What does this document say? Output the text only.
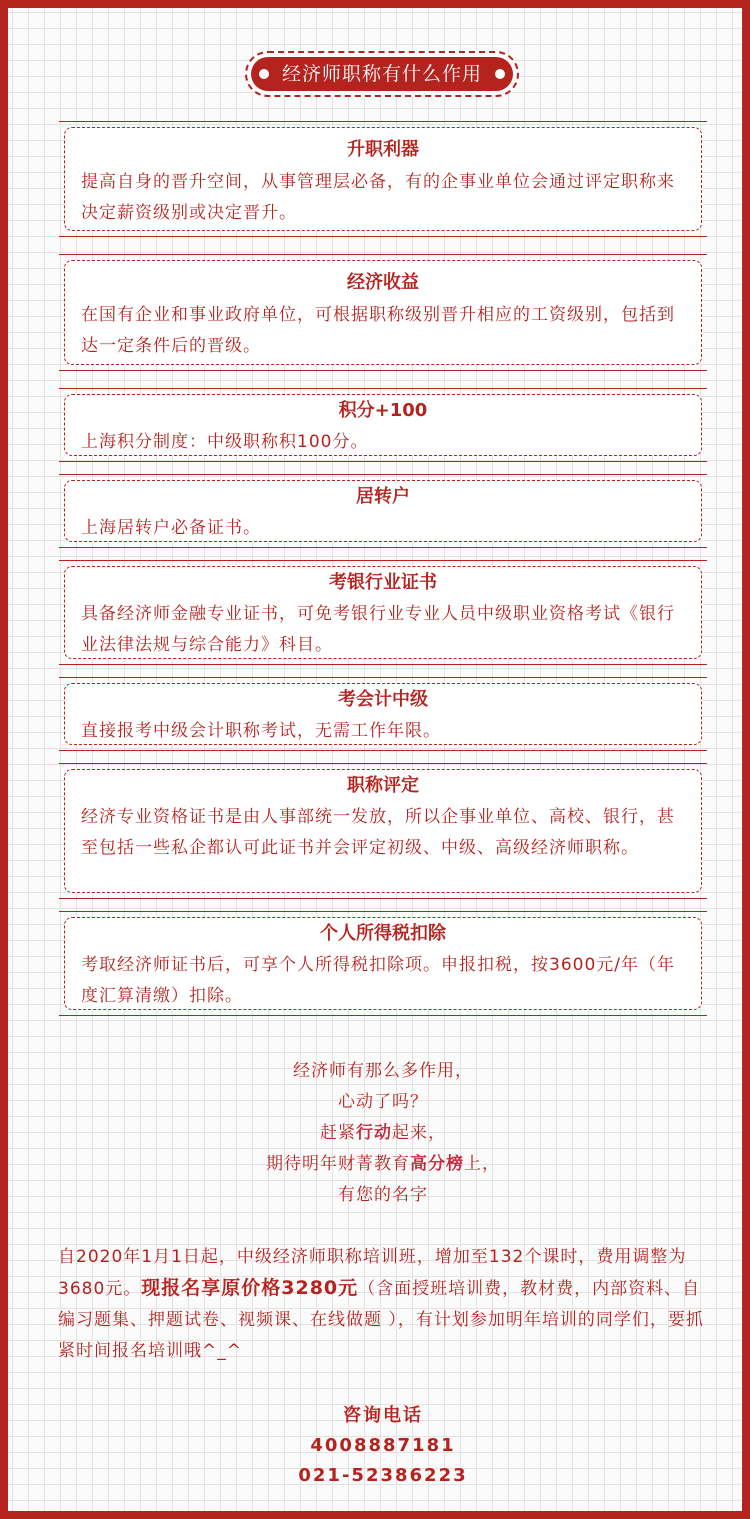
经济师职称有什么作用
升职利器
提高自身的晋升空间，从事管理层必备，有的企事业单位会通过评定职称来决定薪资级别或决定晋升。
经济收益
在国有企业和事业政府单位，可根据职称级别晋升相应的工资级别，包括到达一定条件后的晋级。
积分+100
上海积分制度：中级职称积100分。
居转户
上海居转户必备证书。
考银行业证书
具备经济师金融专业证书，可免考银行业专业人员中级职业资格考试《银行业法律法规与综合能力》科目。
考会计中级
直接报考中级会计职称考试，无需工作年限。
职称评定
经济专业资格证书是由人事部统一发放，所以企事业单位、高校、银行，甚至包括一些私企都认可此证书并会评定初级、中级、高级经济师职称。
个人所得税扣除
考取经济师证书后，可享个人所得税扣除项。申报扣税，按3600元/年（年度汇算清缴）扣除。
经济师有那么多作用，
心动了吗？
赶紧行动起来，
期待明年财菁教育高分榜上，
有您的名字
自2020年1月1日起，中级经济师职称培训班，增加至132个课时，费用调整为3680元。现报名享原价格3280元（含面授班培训费，教材费，内部资料、自编习题集、押题试卷、视频课、在线做题 ），有计划参加明年培训的同学们，要抓紧时间报名培训哦^_^
咨询电话
4008887181
021-52386223
